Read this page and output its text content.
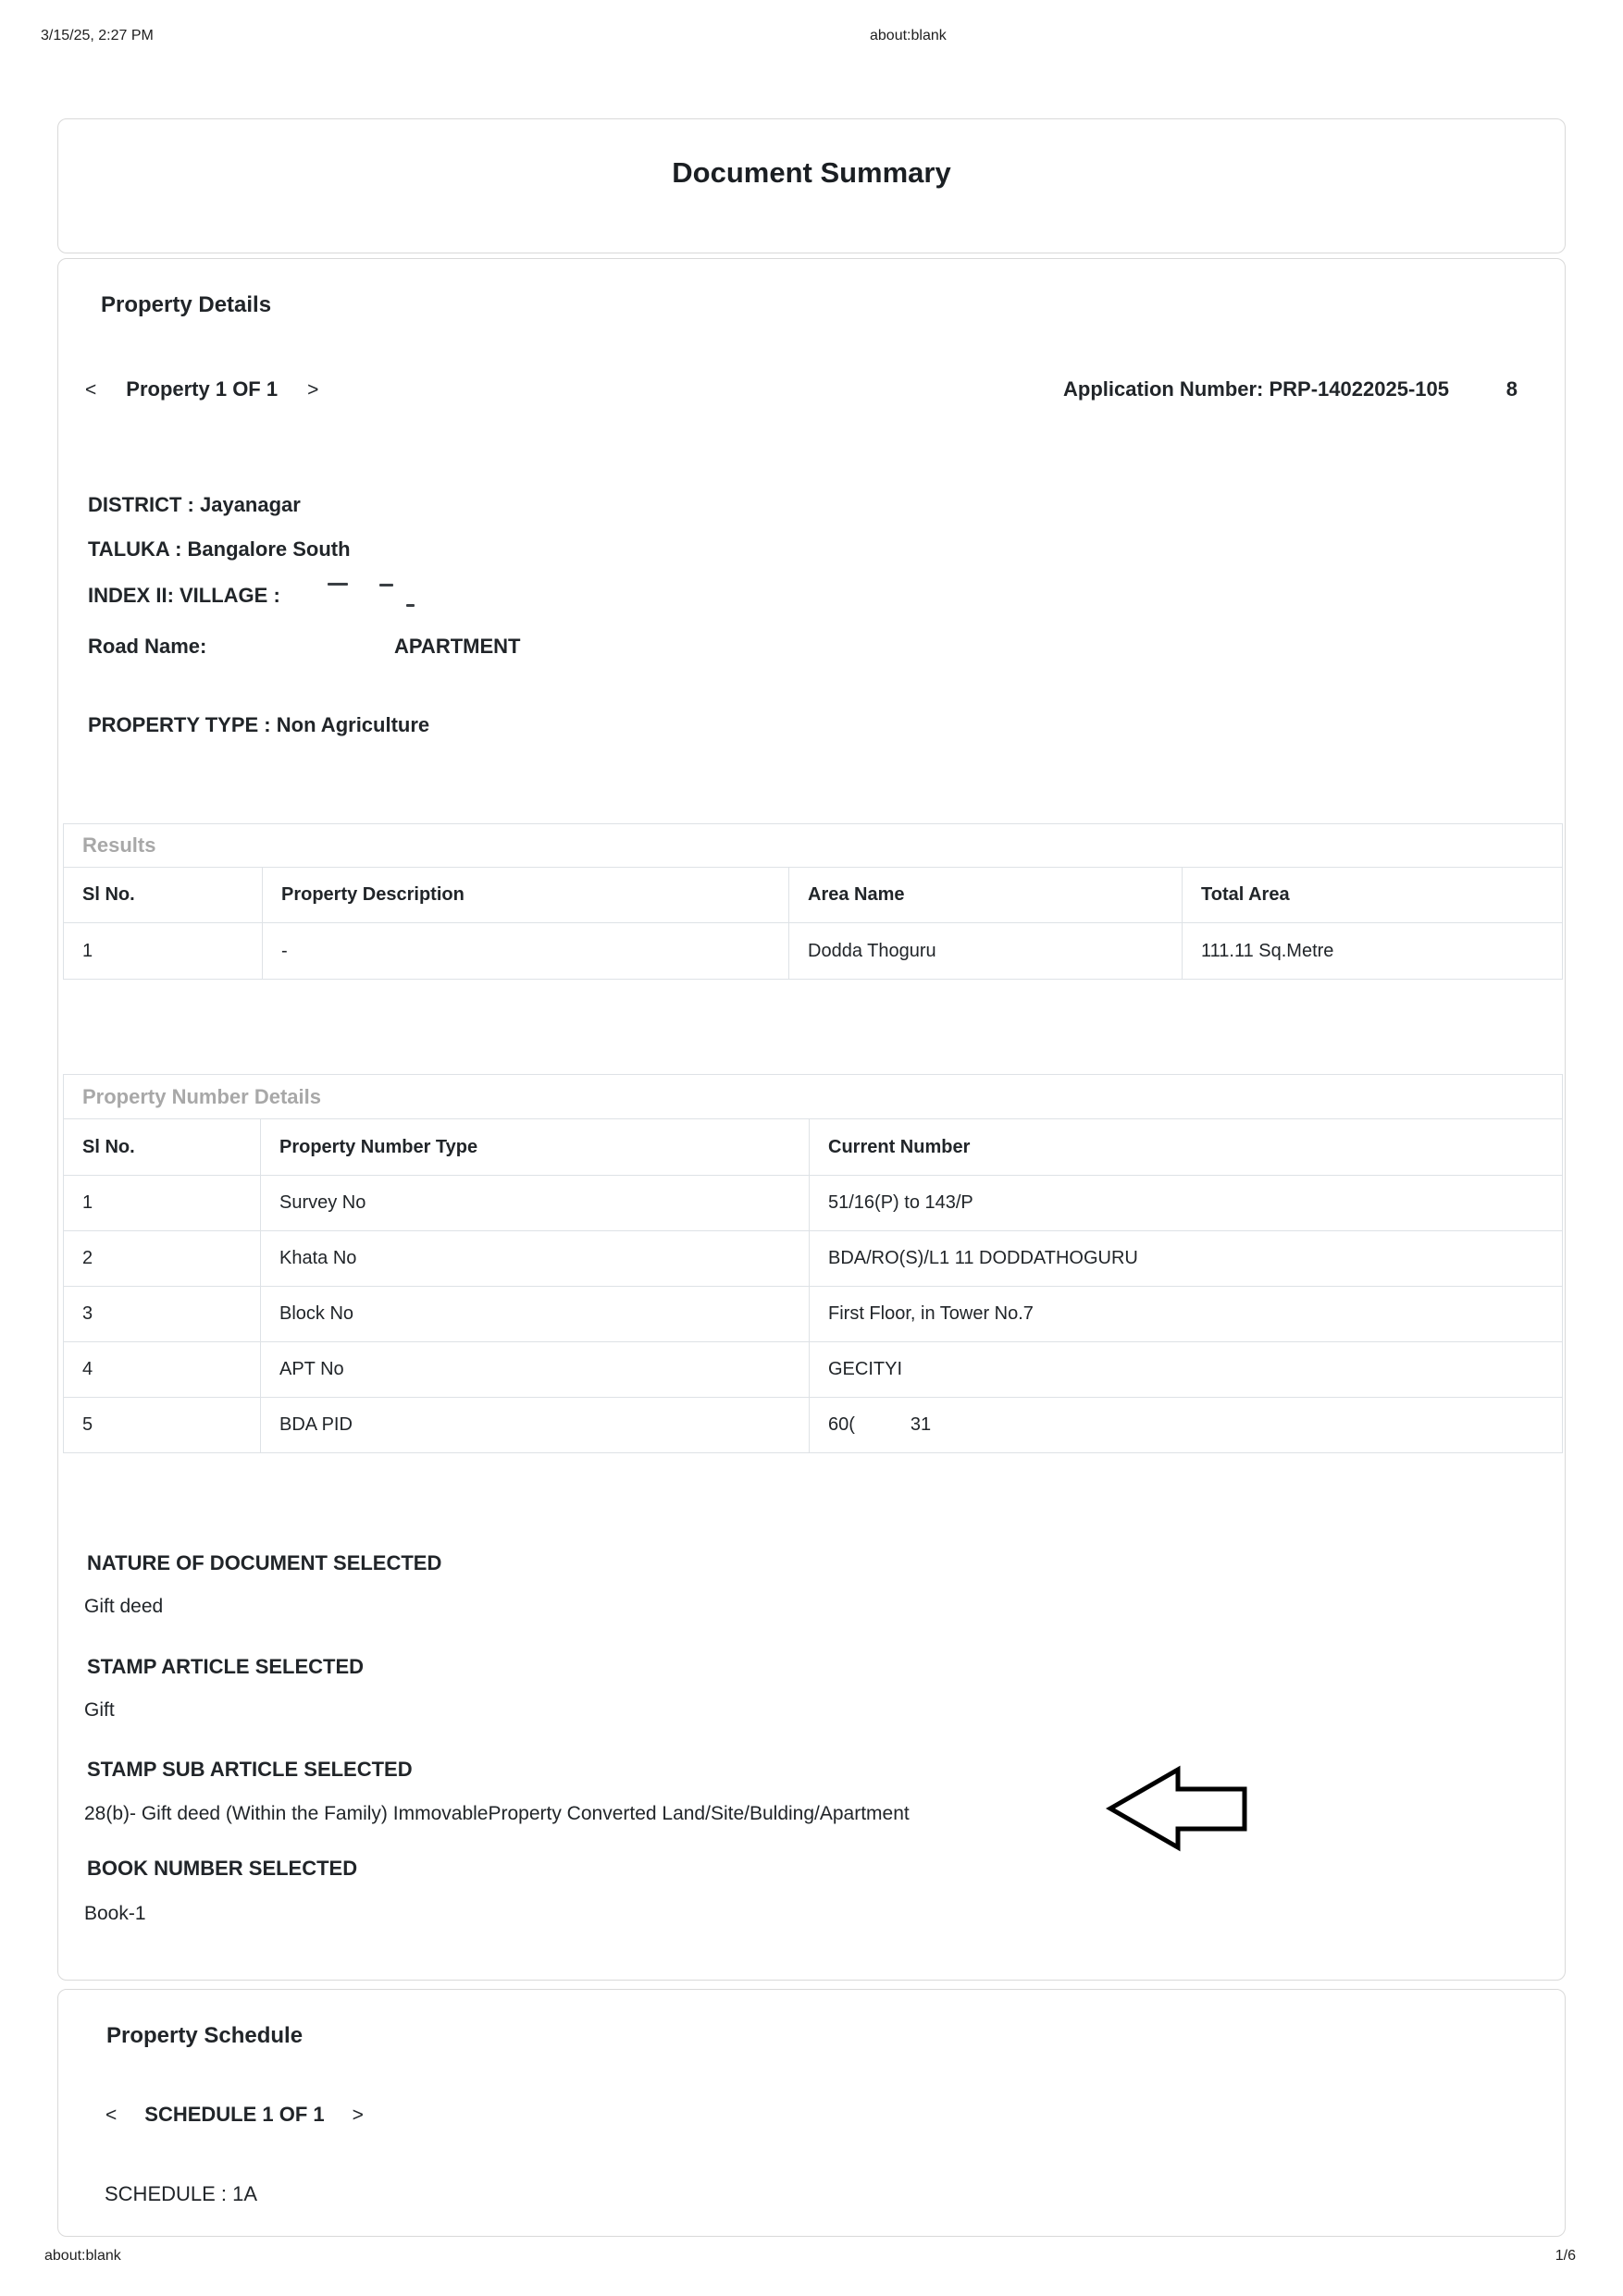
3/15/25, 2:27 PM	about:blank
Document Summary
Property Details
< Property 1 OF 1 >	Application Number: PRP-14022025-10 5	8
DISTRICT : Jayanagar
TALUKA : Bangalore South
INDEX II: VILLAGE :
Road Name:	APARTMENT
PROPERTY TYPE : Non Agriculture
Results			
Sl No.	Property Description	Area Name	Total Area
1	-	Dodda Thoguru	111.11 Sq.Metre
Property Number Details		
Sl No.	Property Number Type	Current Number
1	Survey No	51/16(P) to 143/P
2	Khata No	BDA/RO(S)/L1 11 DODDATHOGURU
3	Block No	First Floor, in Tower No.7
4	APT No	GECITYI
5	BDA PID	60( 31
NATURE OF DOCUMENT SELECTED
Gift deed
STAMP ARTICLE SELECTED
Gift
STAMP SUB ARTICLE SELECTED
28(b)- Gift deed (Within the Family) ImmovableProperty Converted Land/Site/Bulding/Apartment
BOOK NUMBER SELECTED
Book-1
Property Schedule
< SCHEDULE 1 OF 1 >
SCHEDULE : 1A
about:blank	1/6
